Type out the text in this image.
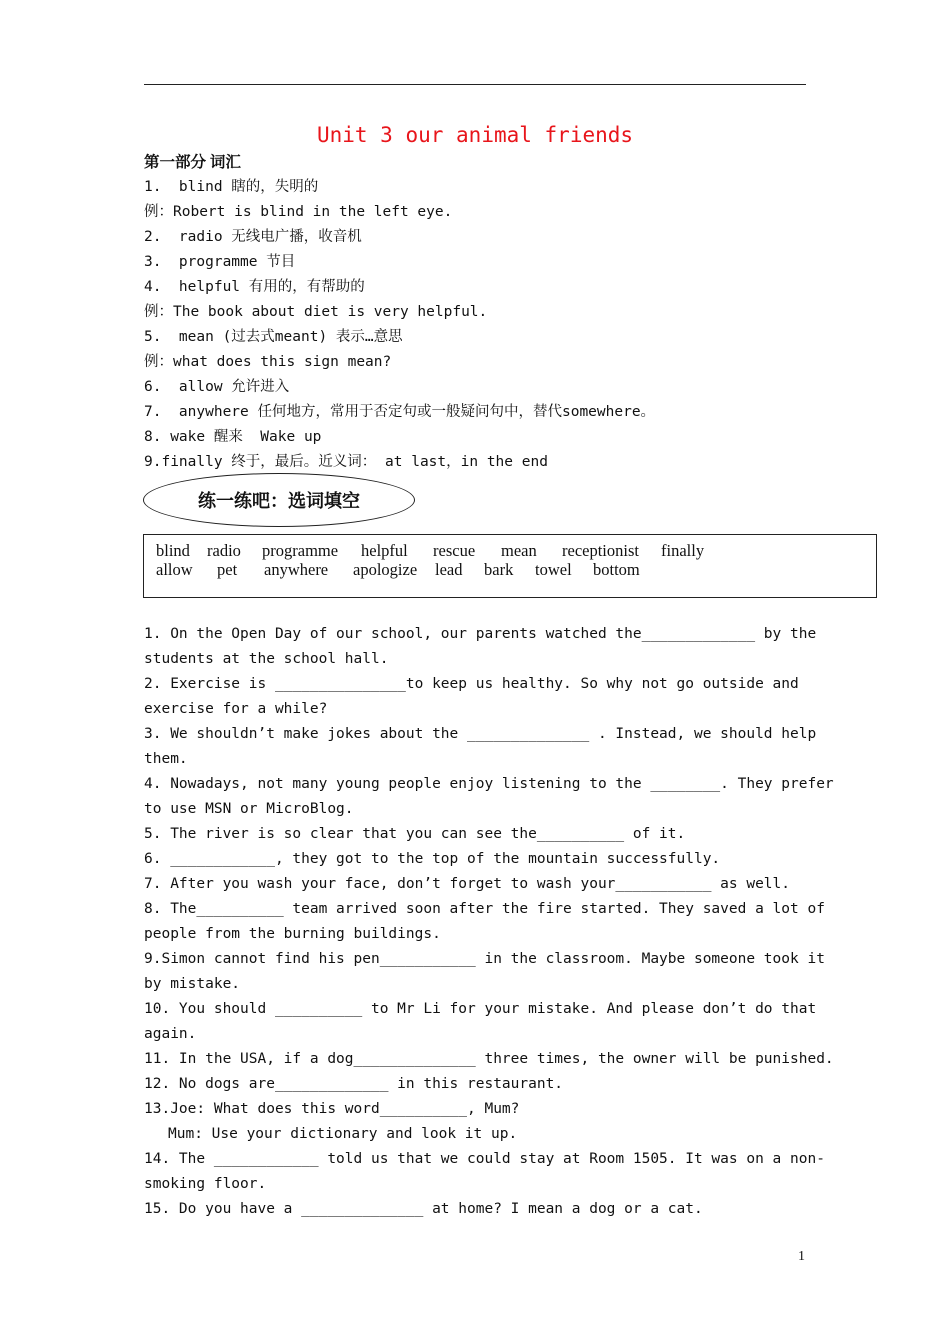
Unit 3 our animal friends
第一部分 词汇
1.  blind 瞎的，失明的
例：Robert is blind in the left eye.
2.  radio 无线电广播，收音机
3.  programme 节目
4.  helpful 有用的，有帮助的
例：The book about diet is very helpful.
5.  mean (过去式meant) 表示…意思
例：what does this sign mean?
6.  allow 允许进入
7.  anywhere 任何地方，常用于否定句或一般疑问句中，替代somewhere。
8. wake 醒来  Wake up
9.finally 终于，最后。近义词： at last，in the end
练一练吧：选词填空
blind radio programme helpful rescue mean receptionist finally
allow pet anywhere apologize lead bark towel bottom
1. On the Open Day of our school, our parents watched the_____________ by the
students at the school hall.
2. Exercise is _______________to keep us healthy. So why not go outside and
exercise for a while?
3. We shouldn’t make jokes about the ______________ . Instead, we should help
them.
4. Nowadays, not many young people enjoy listening to the ________. They prefer
to use MSN or MicroBlog.
5. The river is so clear that you can see the__________ of it.
6. ____________, they got to the top of the mountain successfully.
7. After you wash your face, don’t forget to wash your___________ as well.
8. The__________ team arrived soon after the fire started. They saved a lot of
people from the burning buildings.
9.Simon cannot find his pen___________ in the classroom. Maybe someone took it
by mistake.
10. You should __________ to Mr Li for your mistake. And please don’t do that
again.
11. In the USA, if a dog______________ three times, the owner will be punished.
12. No dogs are_____________ in this restaurant.
13.Joe: What does this word__________, Mum?
Mum: Use your dictionary and look it up.
14. The ____________ told us that we could stay at Room 1505. It was on a non-
smoking floor.
15. Do you have a ______________ at home? I mean a dog or a cat.
1
